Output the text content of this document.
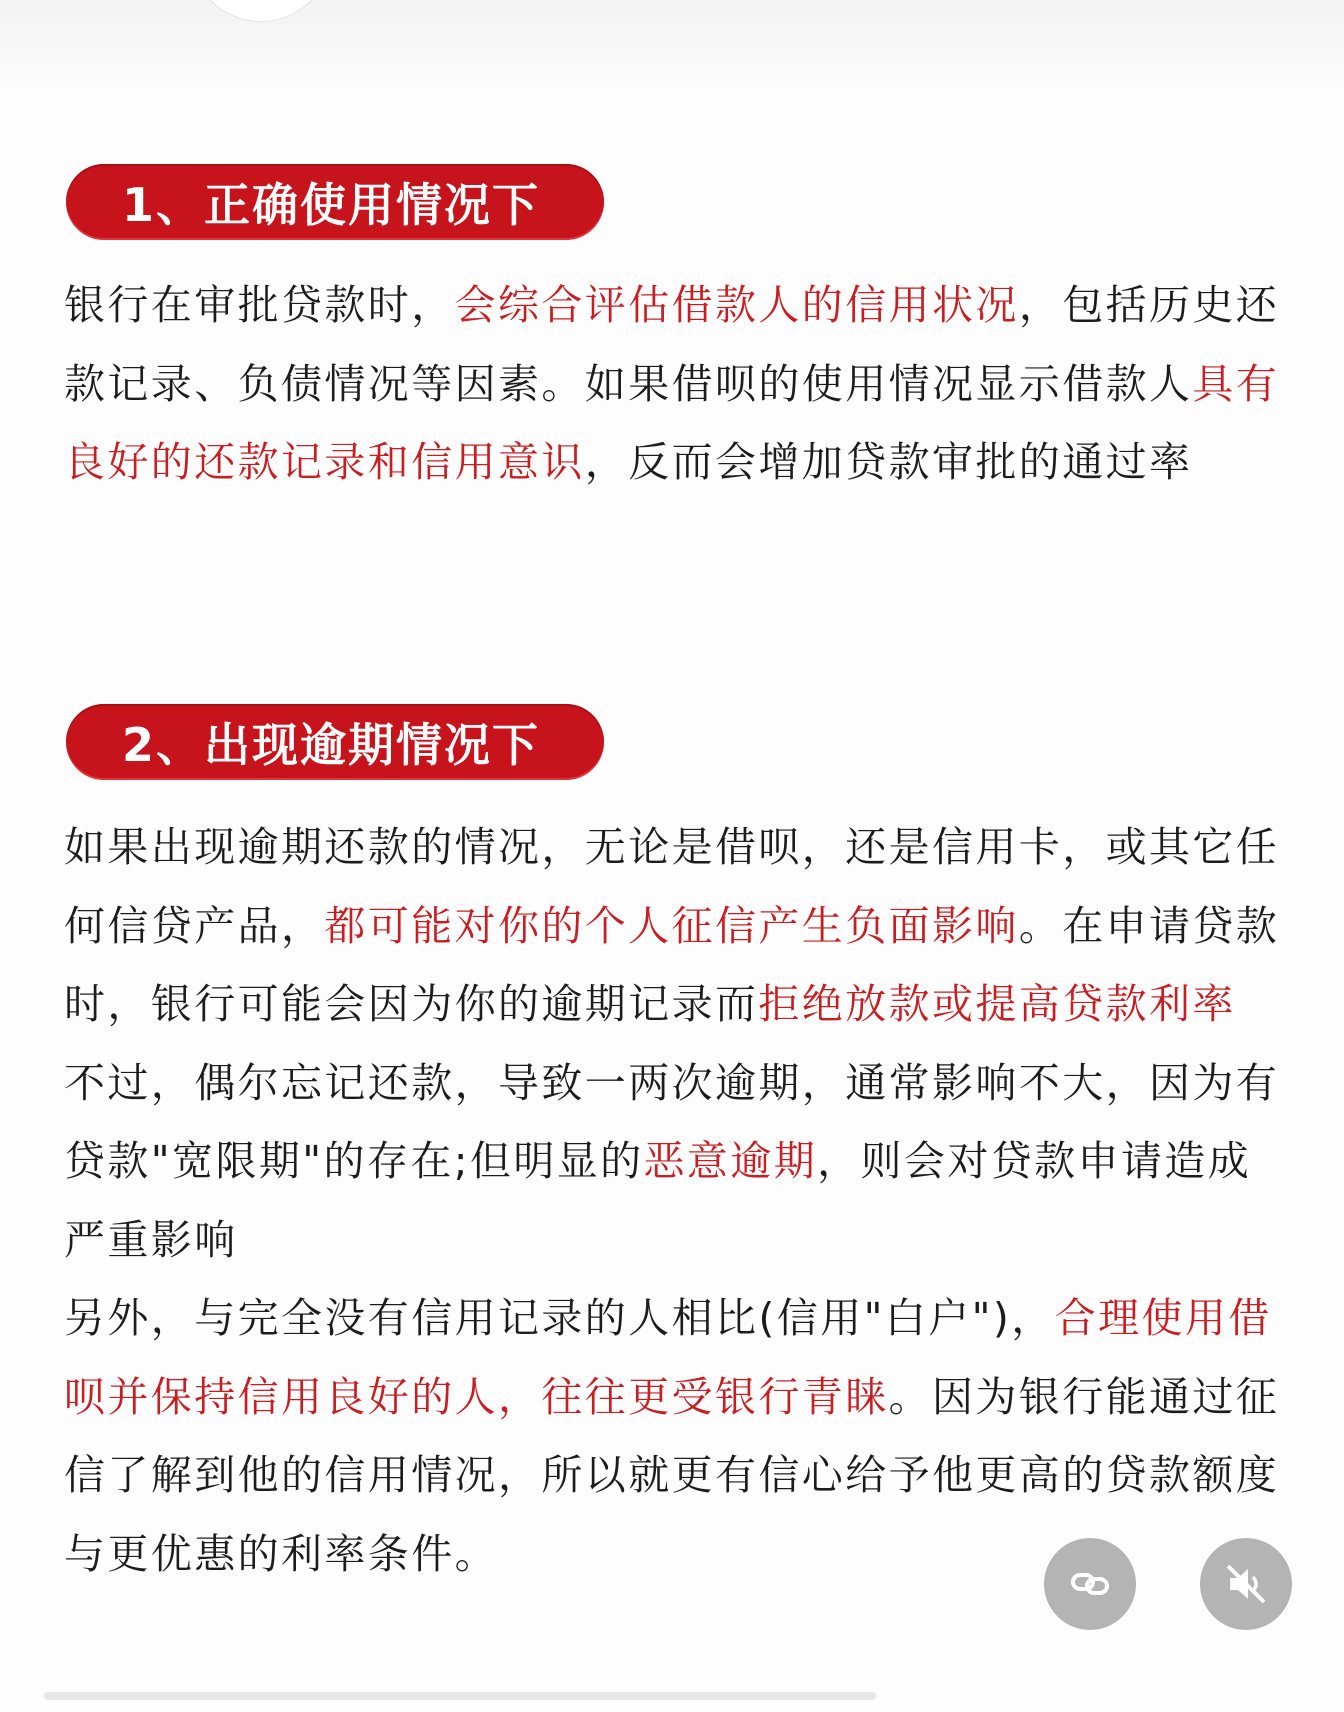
1、正确使用情况下

银行在审批贷款时，会综合评估借款人的信用状况，包括历史还款记录、负债情况等因素。如果借呗的使用情况显示借款人具有良好的还款记录和信用意识，反而会增加贷款审批的通过率

2、出现逾期情况下

如果出现逾期还款的情况，无论是借呗，还是信用卡，或其它任何信贷产品，都可能对你的个人征信产生负面影响。在申请贷款时，银行可能会因为你的逾期记录而拒绝放款或提高贷款利率
不过，偶尔忘记还款，导致一两次逾期，通常影响不大，因为有贷款"宽限期"的存在;但明显的恶意逾期，则会对贷款申请造成严重影响
另外，与完全没有信用记录的人相比(信用"白户")，合理使用借呗并保持信用良好的人，往往更受银行青睐。因为银行能通过征信了解到他的信用情况，所以就更有信心给予他更高的贷款额度与更优惠的利率条件。
